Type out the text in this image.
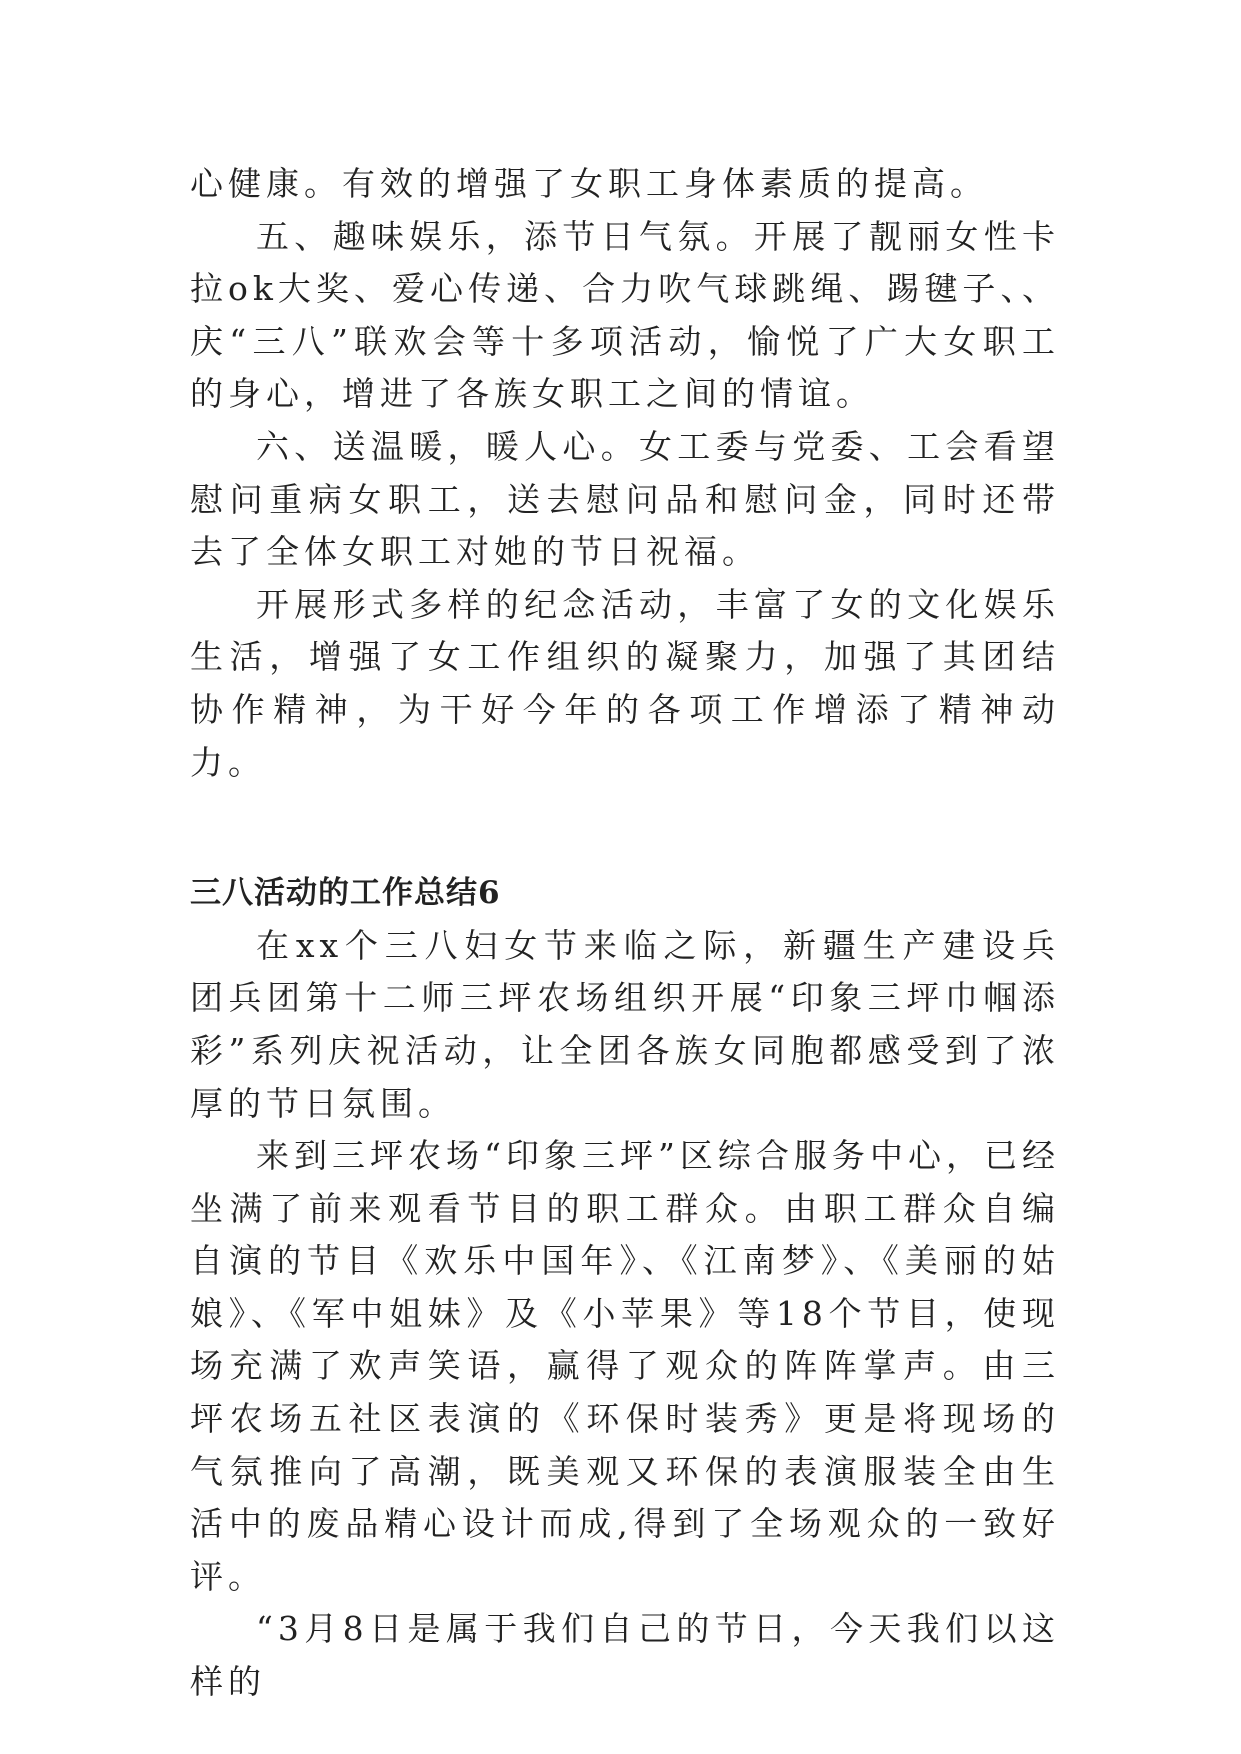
心健康。有效的增强了女职工身体素质的提高。

五、趣味娱乐，添节日气氛。开展了靓丽女性卡拉ok大奖、爱心传递、合力吹气球跳绳、踢毽子、、庆“三八”联欢会等十多项活动，愉悦了广大女职工的身心，增进了各族女职工之间的情谊。

六、送温暖，暖人心。女工委与党委、工会看望慰问重病女职工，送去慰问品和慰问金，同时还带去了全体女职工对她的节日祝福。

开展形式多样的纪念活动，丰富了女的文化娱乐生活，增强了女工作组织的凝聚力，加强了其团结协作精神，为干好今年的各项工作增添了精神动力。

三八活动的工作总结6

在xx个三八妇女节来临之际，新疆生产建设兵团兵团第十二师三坪农场组织开展“印象三坪巾帼添彩”系列庆祝活动，让全团各族女同胞都感受到了浓厚的节日氛围。

来到三坪农场“印象三坪”区综合服务中心，已经坐满了前来观看节目的职工群众。由职工群众自编自演的节目《欢乐中国年》、《江南梦》、《美丽的姑娘》、《军中姐妹》及《小苹果》等18个节目，使现场充满了欢声笑语，赢得了观众的阵阵掌声。由三坪农场五社区表演的《环保时装秀》更是将现场的气氛推向了高潮，既美观又环保的表演服装全由生活中的废品精心设计而成,得到了全场观众的一致好评。

“3月8日是属于我们自己的节日，今天我们以这样的
